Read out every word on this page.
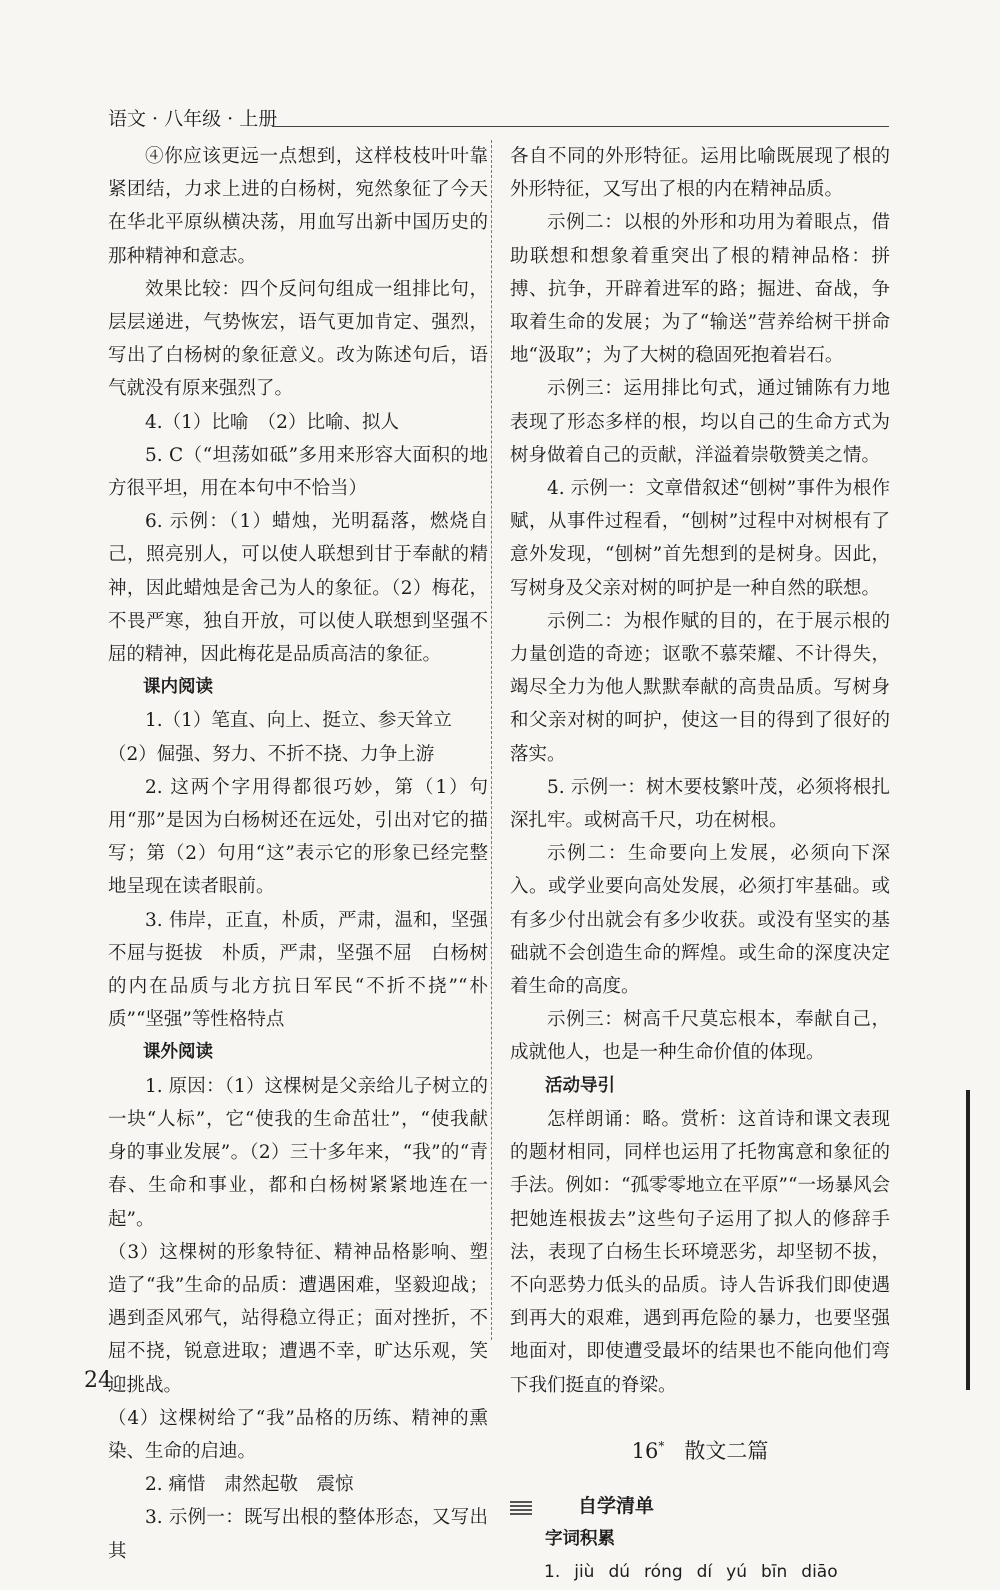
语文 · 八年级 · 上册

④你应该更远一点想到，这样枝枝叶叶靠紧团结，力求上进的白杨树，宛然象征了今天在华北平原纵横决荡，用血写出新中国历史的那种精神和意志。

效果比较：四个反问句组成一组排比句，层层递进，气势恢宏，语气更加肯定、强烈，写出了白杨树的象征意义。改为陈述句后，语气就没有原来强烈了。

4.（1）比喻　（2）比喻、拟人

5. C（“坦荡如砥”多用来形容大面积的地方很平坦，用在本句中不恰当）

6. 示例：（1）蜡烛，光明磊落，燃烧自己，照亮别人，可以使人联想到甘于奉献的精神，因此蜡烛是舍己为人的象征。（2）梅花，不畏严寒，独自开放，可以使人联想到坚强不屈的精神，因此梅花是品质高洁的象征。

课内阅读

1.（1）笔直、向上、挺立、参天耸立

（2）倔强、努力、不折不挠、力争上游

2. 这两个字用得都很巧妙，第（1）句用“那”是因为白杨树还在远处，引出对它的描写；第（2）句用“这”表示它的形象已经完整地呈现在读者眼前。

3. 伟岸，正直，朴质，严肃，温和，坚强不屈与挺拔　朴质，严肃，坚强不屈　白杨树的内在品质与北方抗日军民“不折不挠”“朴质”“坚强”等性格特点

课外阅读

1. 原因：（1）这棵树是父亲给儿子树立的一块“人标”，它“使我的生命茁壮”，“使我献身的事业发展”。（2）三十多年来，“我”的“青春、生命和事业，都和白杨树紧紧地连在一起”。

（3）这棵树的形象特征、精神品格影响、塑造了“我”生命的品质：遭遇困难，坚毅迎战；遇到歪风邪气，站得稳立得正；面对挫折，不屈不挠，锐意进取；遭遇不幸，旷达乐观，笑迎挑战。

（4）这棵树给了“我”品格的历练、精神的熏染、生命的启迪。

2. 痛惜　肃然起敬　震惊

3. 示例一：既写出根的整体形态，又写出其

各自不同的外形特征。运用比喻既展现了根的外形特征，又写出了根的内在精神品质。

示例二：以根的外形和功用为着眼点，借助联想和想象着重突出了根的精神品格：拼搏、抗争，开辟着进军的路；掘进、奋战，争取着生命的发展；为了“输送”营养给树干拼命地“汲取”；为了大树的稳固死抱着岩石。

示例三：运用排比句式，通过铺陈有力地表现了形态多样的根，均以自己的生命方式为树身做着自己的贡献，洋溢着崇敬赞美之情。

4. 示例一：文章借叙述“刨树”事件为根作赋，从事件过程看，“刨树”过程中对树根有了意外发现，“刨树”首先想到的是树身。因此，写树身及父亲对树的呵护是一种自然的联想。

示例二：为根作赋的目的，在于展示根的力量创造的奇迹；讴歌不慕荣耀、不计得失，竭尽全力为他人默默奉献的高贵品质。写树身和父亲对树的呵护，使这一目的得到了很好的落实。

5. 示例一：树木要枝繁叶茂，必须将根扎深扎牢。或树高千尺，功在树根。

示例二：生命要向上发展，必须向下深入。或学业要向高处发展，必须打牢基础。或有多少付出就会有多少收获。或没有坚实的基础就不会创造生命的辉煌。或生命的深度决定着生命的高度。

示例三：树高千尺莫忘根本，奉献自己，成就他人，也是一种生命价值的体现。

活动导引

怎样朗诵：略。赏析：这首诗和课文表现的题材相同，同样也运用了托物寓意和象征的手法。例如：“孤零零地立在平原”“一场暴风会把她连根拔去”这些句子运用了拟人的修辞手法，表现了白杨生长环境恶劣，却坚韧不拔，不向恶势力低头的品质。诗人告诉我们即使遇到再大的艰难，遇到再危险的暴力，也要坚强地面对，即使遭受最坏的结果也不能向他们弯下我们挺直的脊梁。

16* 散文二篇

自学清单

字词积累

1. jiù dú róng dí yú bīn diāo

24
